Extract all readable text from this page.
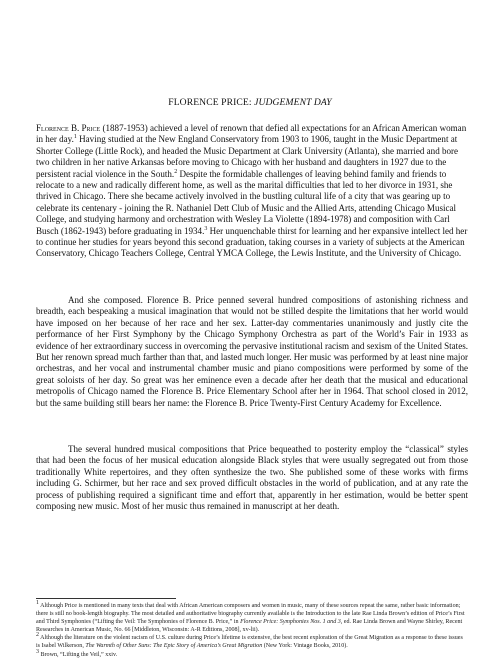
FLORENCE PRICE: JUDGEMENT DAY
Florence B. Price (1887-1953) achieved a level of renown that defied all expectations for an African American woman in her day.$^1$ Having studied at the New England Conservatory from 1903 to 1906, taught in the Music Department at Shorter College (Little Rock), and headed the Music Department at Clark University (Atlanta), she married and bore two children in her native Arkansas before moving to Chicago with her husband and daughters in 1927 due to the persistent racial violence in the South.$^2$ Despite the formidable challenges of leaving behind family and friends to relocate to a new and radically different home, as well as the marital difficulties that led to her divorce in 1931, she thrived in Chicago. There she became actively involved in the bustling cultural life of a city that was gearing up to celebrate its centenary - joining the R. Nathaniel Dett Club of Music and the Allied Arts, attending Chicago Musical College, and studying harmony and orchestration with Wesley La Violette (1894-1978) and composition with Carl Busch (1862-1943) before graduating in 1934.$^3$ Her unquenchable thirst for learning and her expansive intellect led her to continue her studies for years beyond this second graduation, taking courses in a variety of subjects at the American Conservatory, Chicago Teachers College, Central YMCA College, the Lewis Institute, and the University of Chicago.
And she composed. Florence B. Price penned several hundred compositions of astonishing richness and breadth, each bespeaking a musical imagination that would not be stilled despite the limitations that her world would have imposed on her because of her race and her sex. Latter-day commentaries unanimously and justly cite the performance of her First Symphony by the Chicago Symphony Orchestra as part of the World’s Fair in 1933 as evidence of her extraordinary success in overcoming the pervasive institutional racism and sexism of the United States. But her renown spread much farther than that, and lasted much longer. Her music was performed by at least nine major orchestras, and her vocal and instrumental chamber music and piano compositions were performed by some of the great soloists of her day. So great was her eminence even a decade after her death that the musical and educational metropolis of Chicago named the Florence B. Price Elementary School after her in 1964. That school closed in 2012, but the same building still bears her name: the Florence B. Price Twenty-First Century Academy for Excellence.
The several hundred musical compositions that Price bequeathed to posterity employ the “classical” styles that had been the focus of her musical education alongside Black styles that were usually segregated out from those traditionally White repertoires, and they often synthesize the two. She published some of these works with firms including G. Schirmer, but her race and sex proved difficult obstacles in the world of publication, and at any rate the process of publishing required a significant time and effort that, apparently in her estimation, would be better spent composing new music. Most of her music thus remained in manuscript at her death.
$^1$ Although Price is mentioned in many texts that deal with African American composers and women in music, many of these sources repeat the same, rather basic information; there is still no book-length biography. The most detailed and authoritative biography currently available is the Introduction to the late Rae Linda Brown’s edition of Price’s First and Third Symphonies (“Lifting the Veil: The Symphonies of Florence B. Price,” in Florence Price: Symphonies Nos. 1 and 3, ed. Rae Linda Brown and Wayne Shirley, Recent Researches in American Music, No. 66 [Middleton, Wisconsin: A-R Editions, 2008], xv-lii).
$^2$ Although the literature on the violent racism of U.S. culture during Price’s lifetime is extensive, the best recent exploration of the Great Migration as a response to these issues is Isabel Wilkerson, The Warmth of Other Suns: The Epic Story of America’s Great Migration (New York: Vintage Books, 2010).
$^3$ Brown, “Lifting the Veil,” xxiv.
